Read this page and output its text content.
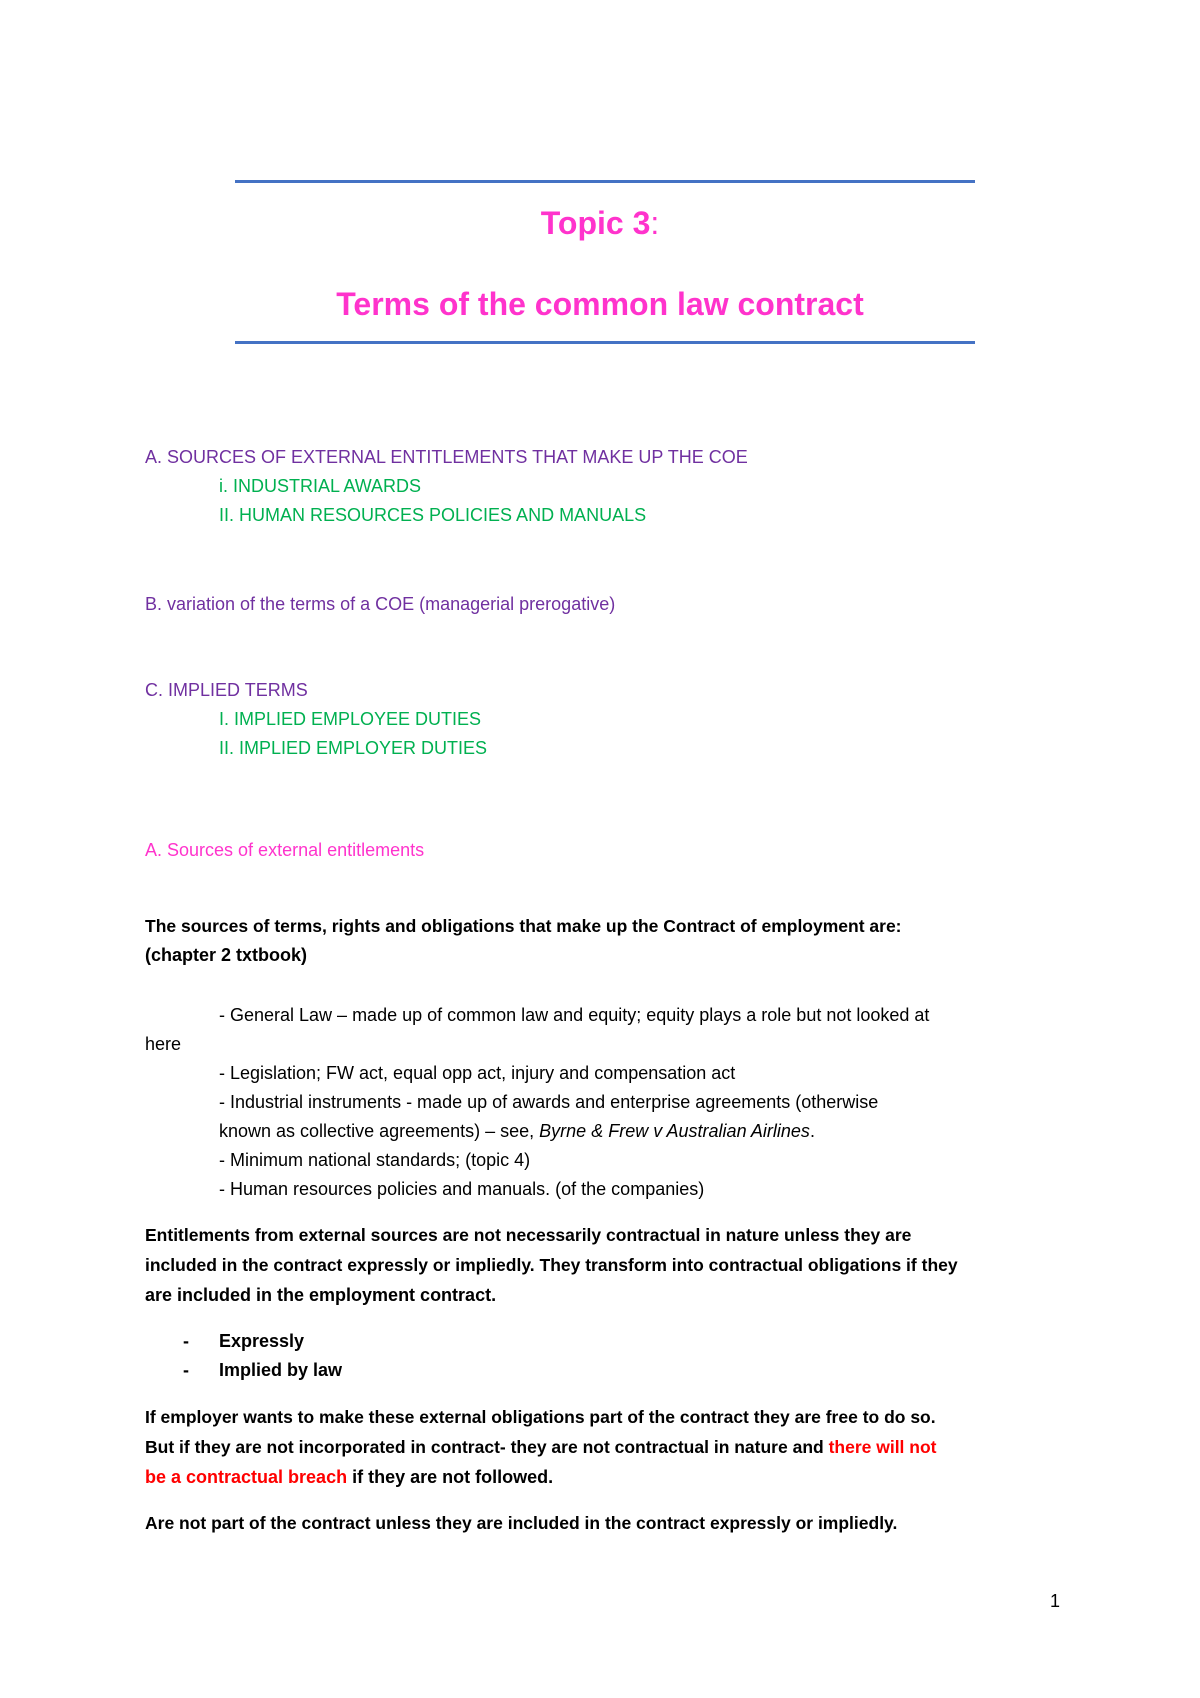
Topic 3:
Terms of the common law contract
A. SOURCES OF EXTERNAL ENTITLEMENTS THAT MAKE UP THE COE
i. INDUSTRIAL AWARDS
II. HUMAN RESOURCES POLICIES AND MANUALS
B. variation of the terms of a COE (managerial prerogative)
C. IMPLIED TERMS
I. IMPLIED EMPLOYEE DUTIES
II. IMPLIED EMPLOYER DUTIES
A. Sources of external entitlements
The sources of terms, rights and obligations that make up the Contract of employment are:
(chapter 2 txtbook)
- General Law – made up of common law and equity; equity plays a role but not looked at
here
- Legislation; FW act, equal opp act, injury and compensation act
- Industrial instruments - made up of awards and enterprise agreements (otherwise
known as collective agreements) – see, Byrne & Frew v Australian Airlines.
- Minimum national standards; (topic 4)
- Human resources policies and manuals. (of the companies)
Entitlements from external sources are not necessarily contractual in nature unless they are
included in the contract expressly or impliedly. They transform into contractual obligations if they
are included in the employment contract.
- Expressly
- Implied by law
If employer wants to make these external obligations part of the contract they are free to do so.
But if they are not incorporated in contract- they are not contractual in nature and there will not
be a contractual breach if they are not followed.
Are not part of the contract unless they are included in the contract expressly or impliedly.
1
